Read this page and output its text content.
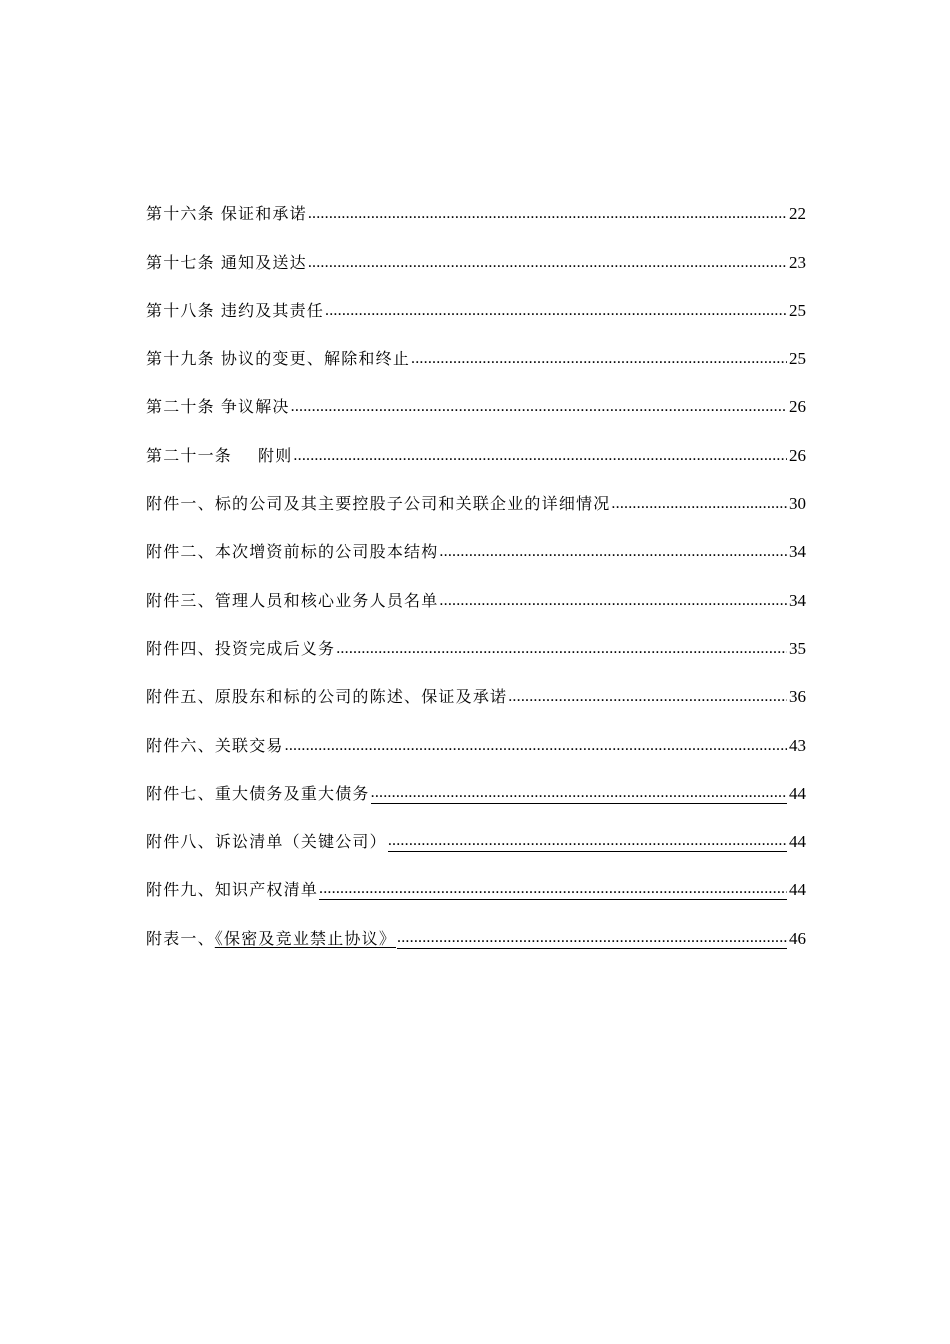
第十六条 保证和承诺 .....	22
第十七条 通知及送达 .....	23
第十八条 违约及其责任 .....	25
第十九条 协议的变更、解除和终止 .....	25
第二十条 争议解决 .....	26
第二十一条 附则 .....	26
附件一、标的公司及其主要控股子公司和关联企业的详细情况 .....	30
附件二、本次增资前标的公司股本结构 .....	34
附件三、管理人员和核心业务人员名单 .....	34
附件四、投资完成后义务 .....	35
附件五、原股东和标的公司的陈述、保证及承诺 .....	36
附件六、关联交易 .....	43
附件七、重大债务及重大债务 .....	44
附件八、诉讼清单（关键公司） .....	44
附件九、知识产权清单 .....	44
附表一、《保密及竞业禁止协议》 .....	46
